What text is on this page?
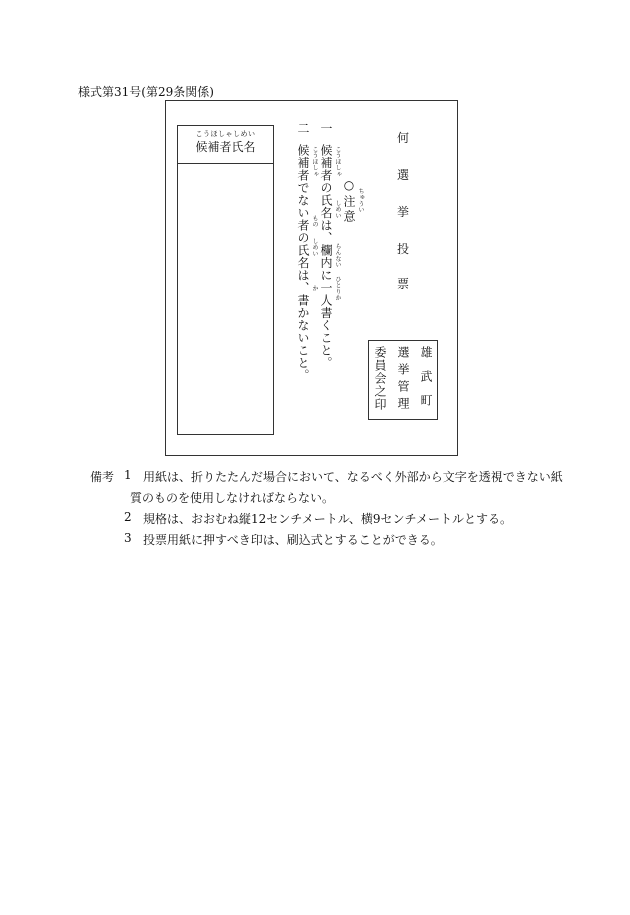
様式第31号(第29条関係)
何
選
挙
投
票
○注意 ちゅうい
一
候補者の氏名は、欄内に一人書くこと。 こうほしゃ
しめい
らんない
ひとりか
二
候補者でない者の氏名は、書かないこと。 こうほしゃ
もの
しめい
か
こうほしゃしめい
候補者氏名
雄武町
選挙管理
委員会之印
備考 1 用紙は、折りたたんだ場合において、なるべく外部から文字を透視できない紙
質のものを使用しなければならない。
2 規格は、おおむね縦12センチメートル、横9センチメートルとする。
3 投票用紙に押すべき印は、刷込式とすることができる。
